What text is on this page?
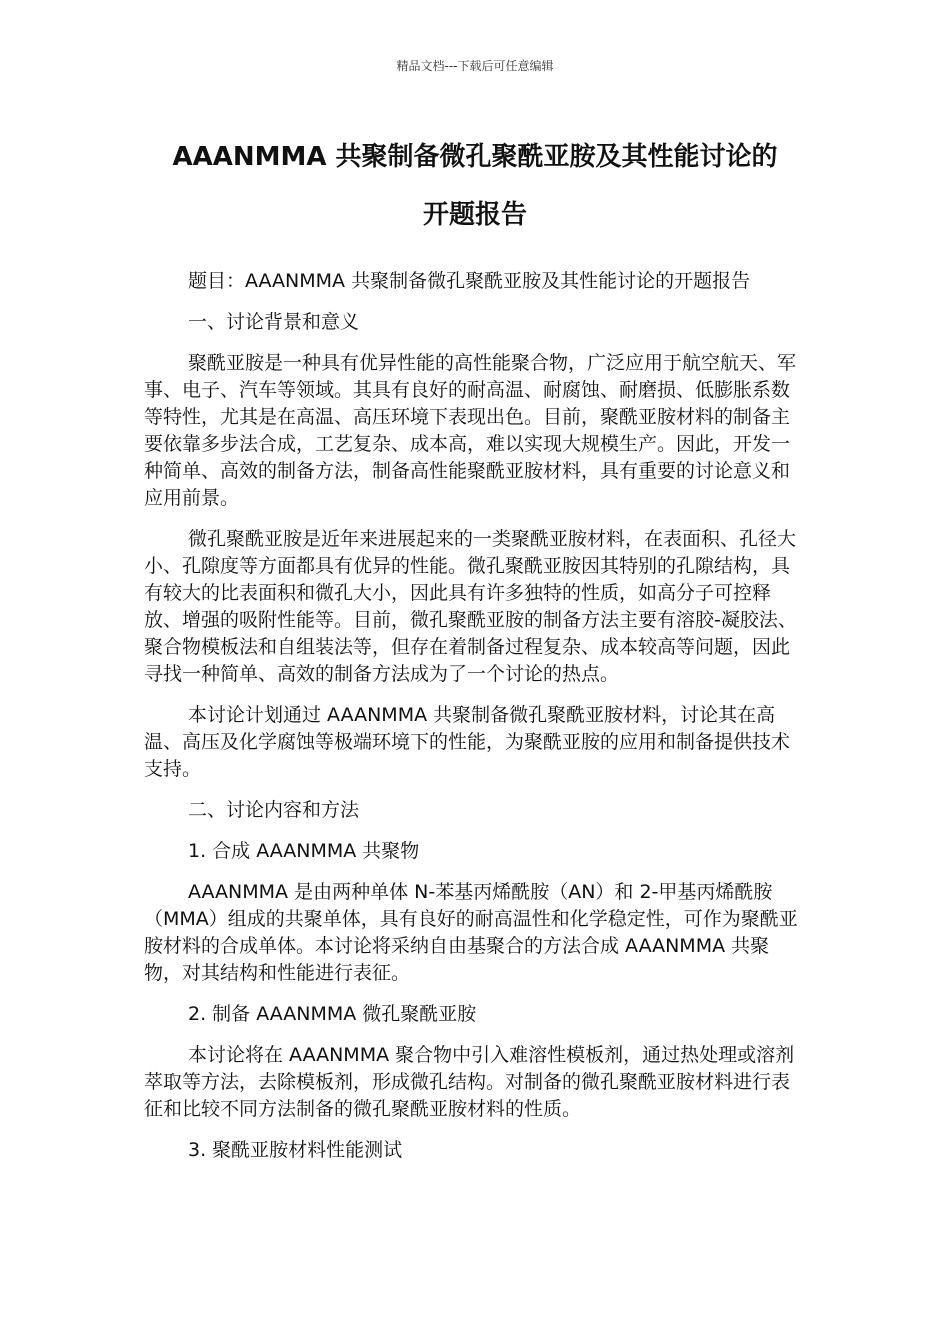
精品文档---下载后可任意编辑
AAANMMA 共聚制备微孔聚酰亚胺及其性能讨论的
开题报告

题目：AAANMMA 共聚制备微孔聚酰亚胺及其性能讨论的开题报告

一、讨论背景和意义

聚酰亚胺是一种具有优异性能的高性能聚合物，广泛应用于航空航天、军事、电子、汽车等领域。其具有良好的耐高温、耐腐蚀、耐磨损、低膨胀系数等特性，尤其是在高温、高压环境下表现出色。目前，聚酰亚胺材料的制备主要依靠多步法合成，工艺复杂、成本高，难以实现大规模生产。因此，开发一种简单、高效的制备方法，制备高性能聚酰亚胺材料，具有重要的讨论意义和应用前景。

微孔聚酰亚胺是近年来进展起来的一类聚酰亚胺材料，在表面积、孔径大小、孔隙度等方面都具有优异的性能。微孔聚酰亚胺因其特别的孔隙结构，具有较大的比表面积和微孔大小，因此具有许多独特的性质，如高分子可控释放、增强的吸附性能等。目前，微孔聚酰亚胺的制备方法主要有溶胶-凝胶法、聚合物模板法和自组装法等，但存在着制备过程复杂、成本较高等问题，因此寻找一种简单、高效的制备方法成为了一个讨论的热点。

本讨论计划通过 AAANMMA 共聚制备微孔聚酰亚胺材料，讨论其在高温、高压及化学腐蚀等极端环境下的性能，为聚酰亚胺的应用和制备提供技术支持。

二、讨论内容和方法

1. 合成 AAANMMA 共聚物

AAANMMA 是由两种单体 N-苯基丙烯酰胺（AN）和 2-甲基丙烯酰胺（MMA）组成的共聚单体，具有良好的耐高温性和化学稳定性，可作为聚酰亚胺材料的合成单体。本讨论将采纳自由基聚合的方法合成 AAANMMA 共聚物，对其结构和性能进行表征。

2. 制备 AAANMMA 微孔聚酰亚胺

本讨论将在 AAANMMA 聚合物中引入难溶性模板剂，通过热处理或溶剂萃取等方法，去除模板剂，形成微孔结构。对制备的微孔聚酰亚胺材料进行表征和比较不同方法制备的微孔聚酰亚胺材料的性质。

3. 聚酰亚胺材料性能测试
